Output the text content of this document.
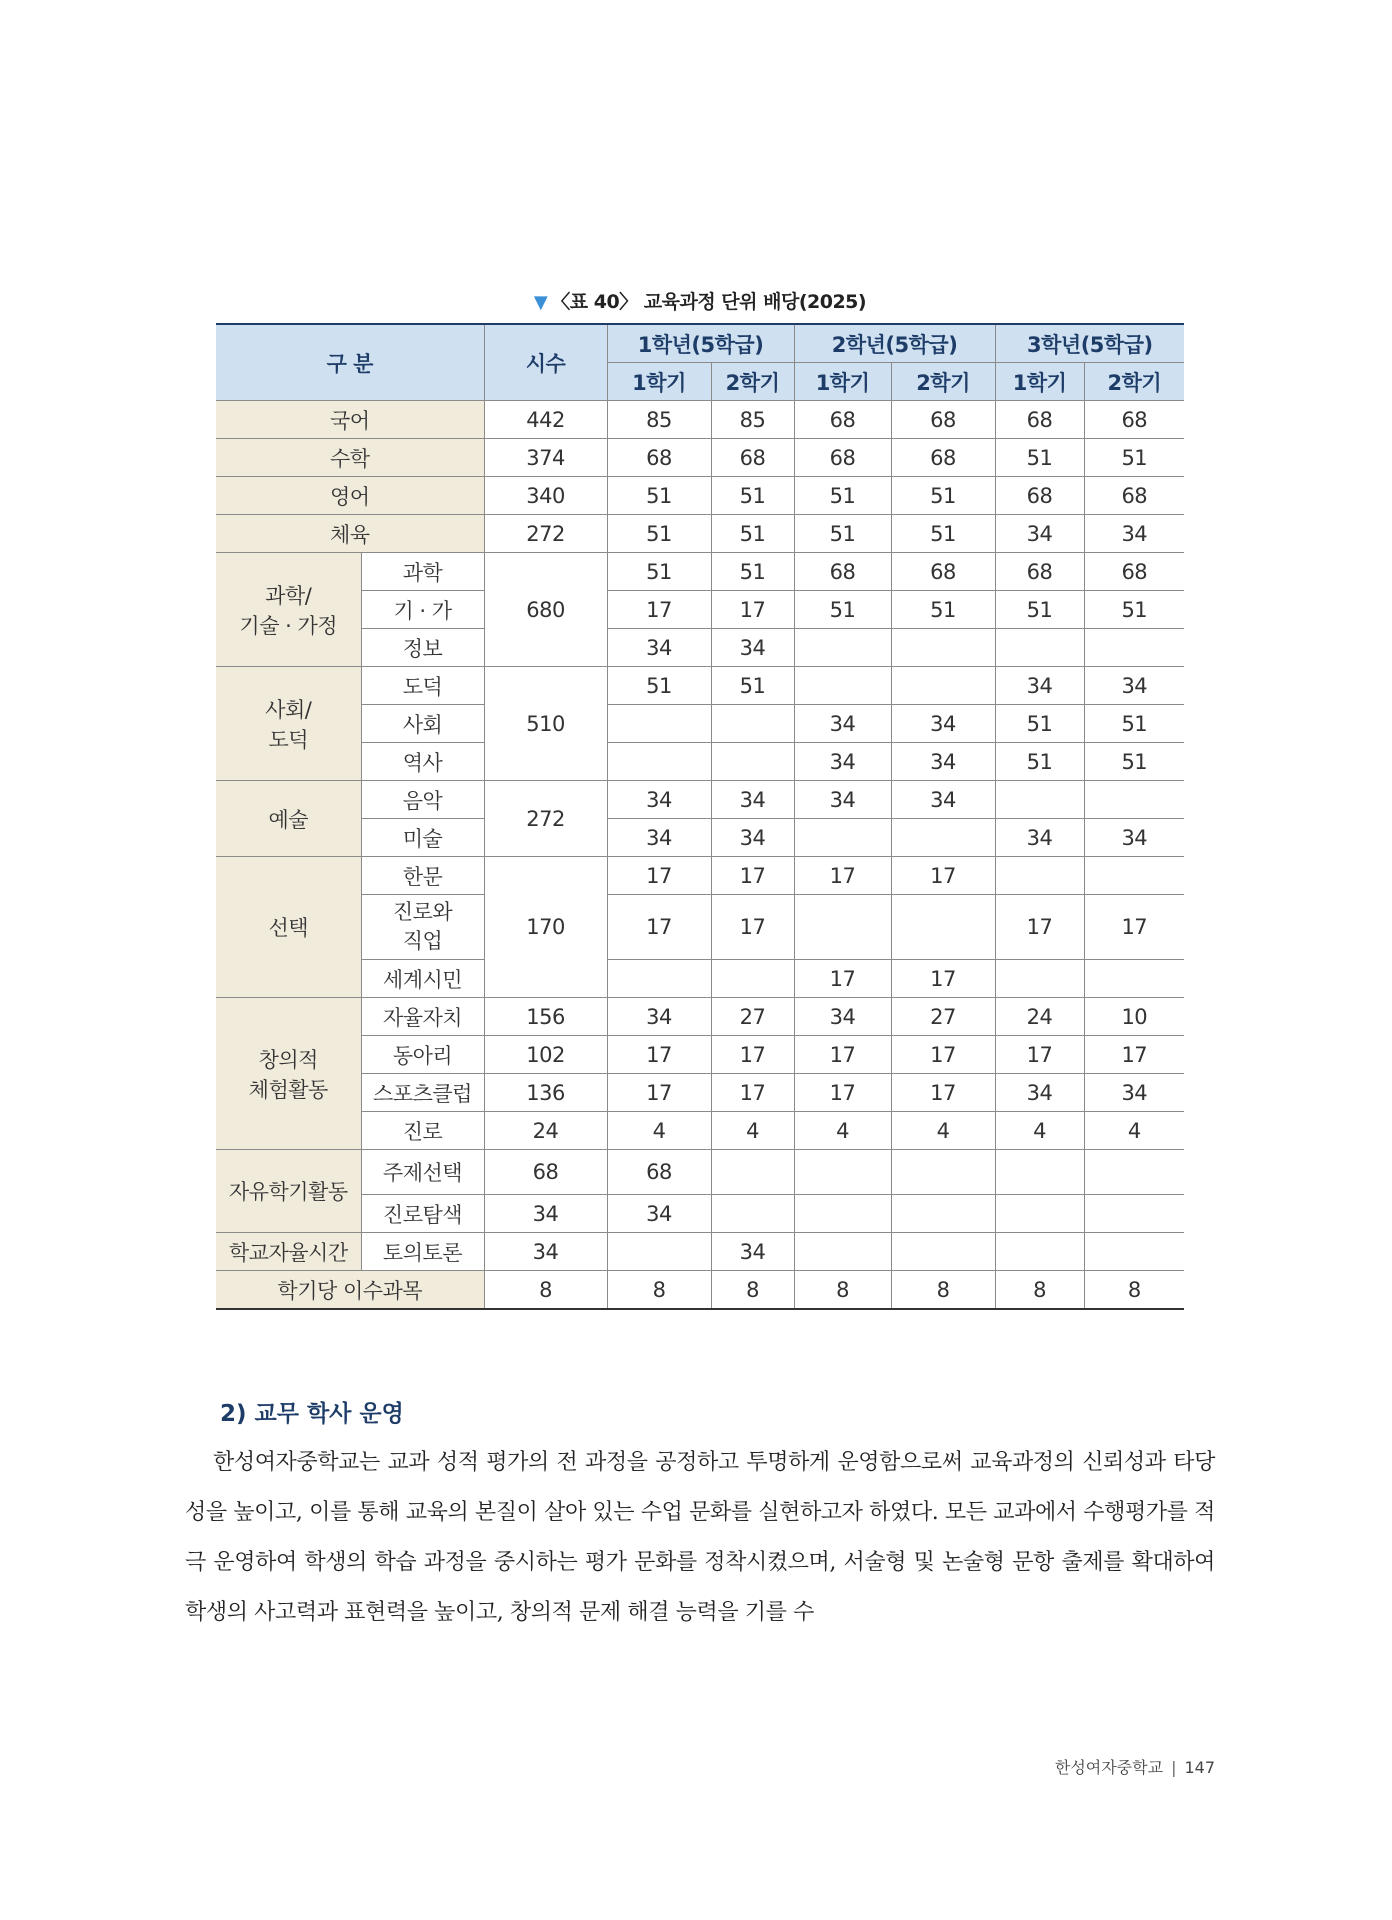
▼ 〈표 40〉 교육과정 단위 배당(2025)
구 분		시수	1학년(5학급)		2학년(5학급)		3학년(5학급)	
			1학기	2학기	1학기	2학기	1학기	2학기
국어		442	85	85	68	68	68	68
수학		374	68	68	68	68	51	51
영어		340	51	51	51	51	68	68
체육		272	51	51	51	51	34	34
과학/
기술 · 가정	과학	680	51	51	68	68	68	68
	기 · 가		17	17	51	51	51	51
	정보		34	34				
사회/
도덕	도덕	510	51	51			34	34
	사회				34	34	51	51
	역사				34	34	51	51
예술	음악	272	34	34	34	34		
	미술		34	34			34	34
선택	한문	170	17	17	17	17		
	진로와
직업		17	17			17	17
	세계시민				17	17		
창의적
체험활동	자율자치	156	34	27	34	27	24	10
	동아리	102	17	17	17	17	17	17
	스포츠클럽	136	17	17	17	17	34	34
	진로	24	4	4	4	4	4	4
자유학기활동	주제선택	68	68					
	진로탐색	34	34					
학교자율시간	토의토론	34		34				
학기당 이수과목		8	8	8	8	8	8	8
2) 교무 학사 운영
한성여자중학교는 교과 성적 평가의 전 과정을 공정하고 투명하게 운영함으로써 교육과정의 신뢰성과 타당성을 높이고, 이를 통해 교육의 본질이 살아 있는 수업 문화를 실현하고자 하였다. 모든 교과에서 수행평가를 적극 운영하여 학생의 학습 과정을 중시하는 평가 문화를 정착시켰으며, 서술형 및 논술형 문항 출제를 확대하여 학생의 사고력과 표현력을 높이고, 창의적 문제 해결 능력을 기를 수
한성여자중학교 | 147
